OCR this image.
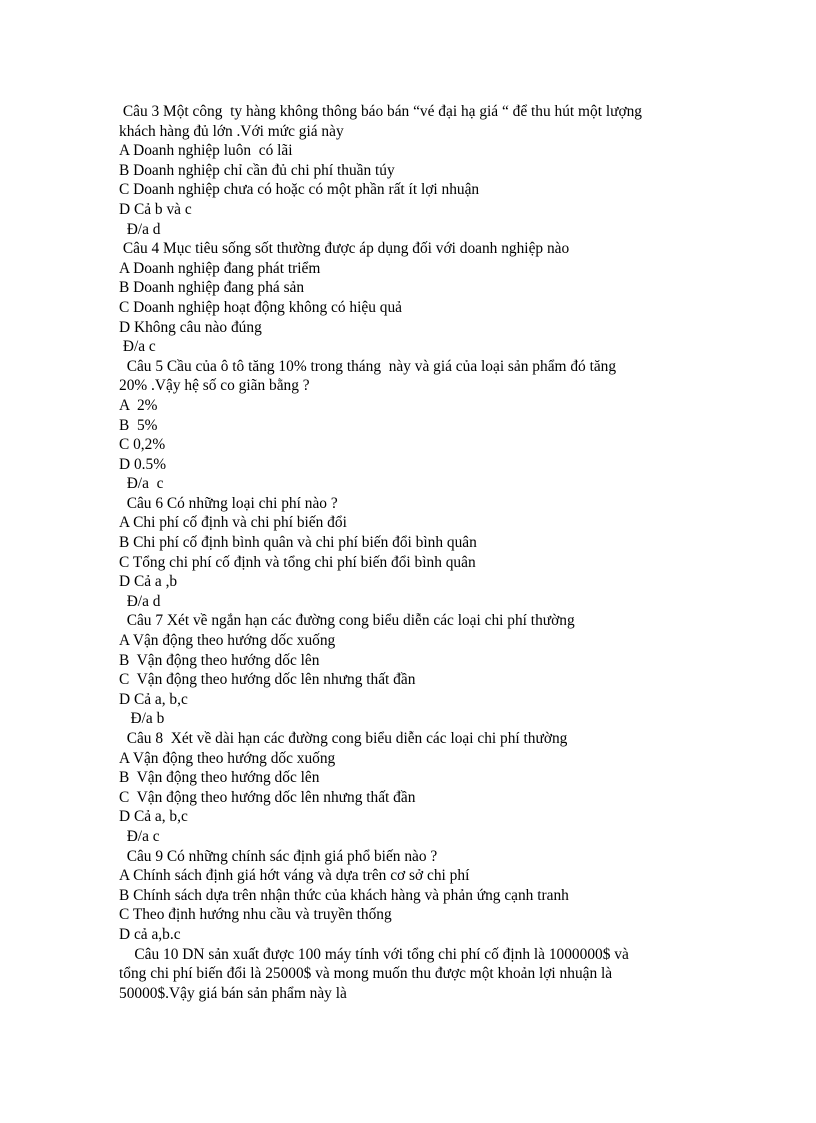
Câu 3 Một công  ty hàng không thông báo bán “vé đại hạ giá “ để thu hút một lượng
khách hàng đủ lớn .Với mức giá này
A Doanh nghiệp luôn  có lãi
B Doanh nghiệp chỉ cần đủ chi phí thuần túy
C Doanh nghiệp chưa có hoặc có một phần rất ít lợi nhuận
D Cả b và c
Đ/a d
Câu 4 Mục tiêu sống sốt thường được áp dụng đối với doanh nghiệp nào
A Doanh nghiệp đang phát triểm
B Doanh nghiệp đang phá sản
C Doanh nghiệp hoạt động không có hiệu quả
D Không câu nào đúng
Đ/a c
Câu 5 Cầu của ô tô tăng 10% trong tháng  này và giá của loại sản phẩm đó tăng
20% .Vậy hệ số co giãn bằng ?
A  2%
B  5%
C 0,2%
D 0.5%
Đ/a  c
Câu 6 Có những loại chi phí nào ?
A Chi phí cố định và chi phí biến đổi
B Chi phí cố định bình quân và chi phí biến đổi bình quân
C Tổng chi phí cố định và tổng chi phí biến đổi bình quân
D Cả a ,b
Đ/a d
Câu 7 Xét về ngắn hạn các đường cong biểu diễn các loại chi phí thường
A Vận động theo hướng dốc xuống
B  Vận động theo hướng dốc lên
C  Vận động theo hướng dốc lên nhưng thất đần
D Cả a, b,c
Đ/a b
Câu 8  Xét về dài hạn các đường cong biểu diễn các loại chi phí thường
A Vận động theo hướng dốc xuống
B  Vận động theo hướng dốc lên
C  Vận động theo hướng dốc lên nhưng thất đần
D Cả a, b,c
Đ/a c
Câu 9 Có những chính sác định giá phổ biến nào ?
A Chính sách định giá hớt váng và dựa trên cơ sở chi phí
B Chính sách dựa trên nhận thức của khách hàng và phản ứng cạnh tranh
C Theo định hướng nhu cầu và truyền thống
D cả a,b.c
Câu 10 DN sản xuất được 100 máy tính với tổng chi phí cố định là 1000000$ và
tổng chi phí biến đổi là 25000$ và mong muốn thu được một khoản lợi nhuận là
50000$.Vậy giá bán sản phẩm này là
